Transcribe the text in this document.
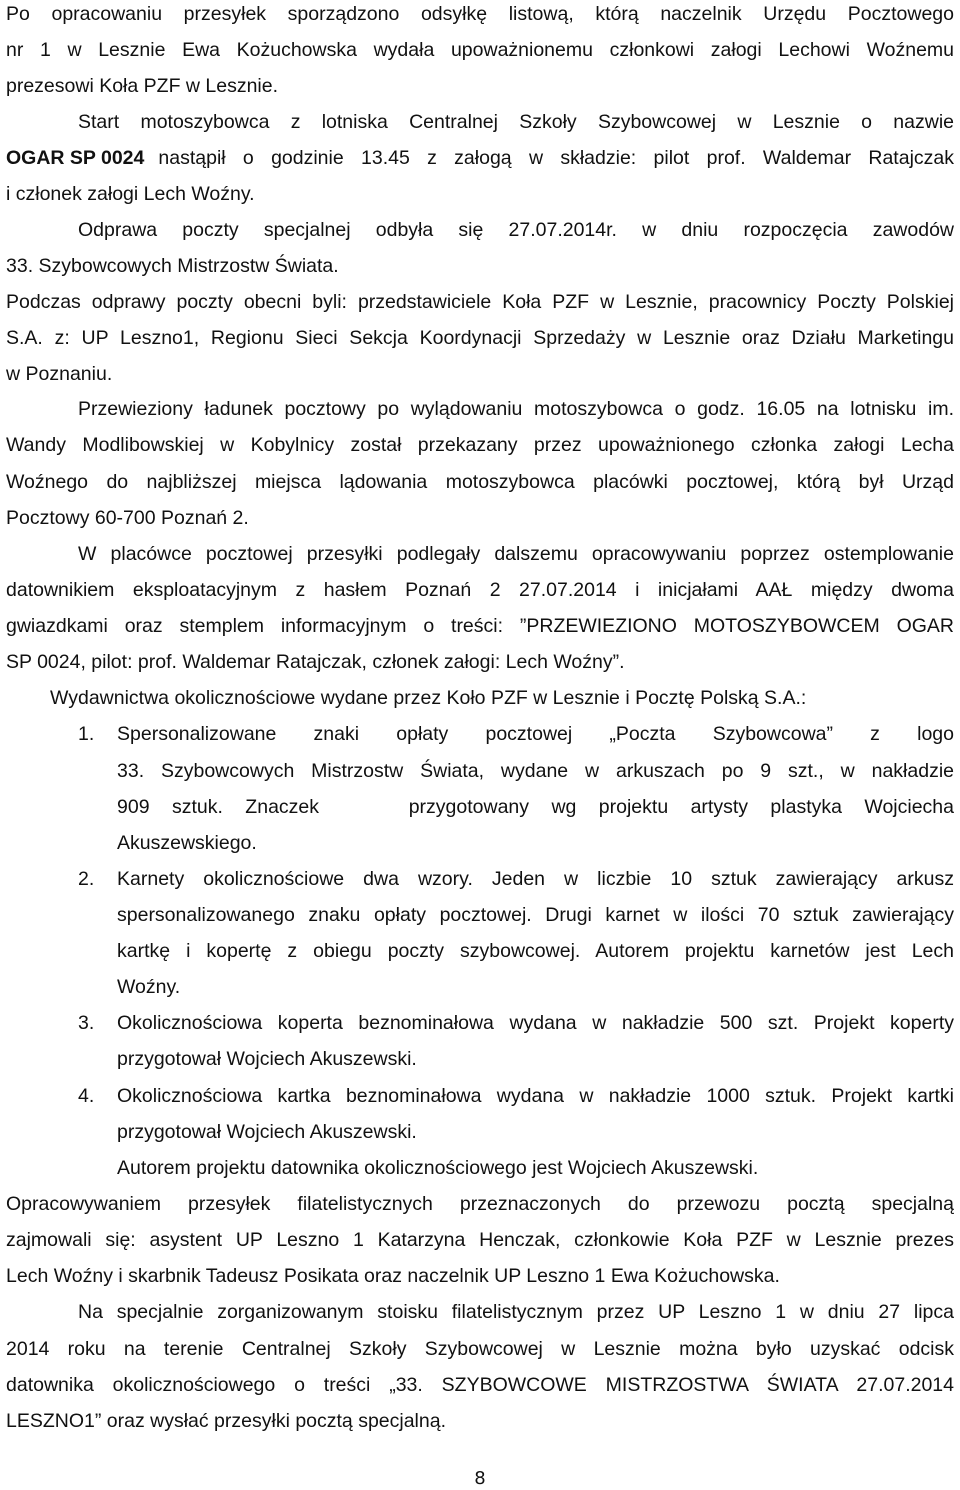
Po opracowaniu przesyłek sporządzono odsyłkę listową, którą naczelnik Urzędu Pocztowego
nr 1 w Lesznie Ewa Kożuchowska wydała upoważnionemu członkowi załogi Lechowi Woźnemu
prezesowi Koła PZF w Lesznie.
Start motoszybowca z lotniska Centralnej Szkoły Szybowcowej w Lesznie o nazwie
OGAR SP 0024 nastąpił o godzinie 13.45 z załogą w składzie: pilot prof. Waldemar Ratajczak
i członek załogi Lech Woźny.
Odprawa poczty specjalnej odbyła się 27.07.2014r. w dniu rozpoczęcia zawodów
33. Szybowcowych Mistrzostw Świata.
Podczas odprawy poczty obecni byli: przedstawiciele Koła PZF w Lesznie, pracownicy Poczty Polskiej
S.A. z: UP Leszno1, Regionu Sieci Sekcja Koordynacji Sprzedaży w Lesznie oraz Działu Marketingu
w Poznaniu.
Przewieziony ładunek pocztowy po wylądowaniu motoszybowca o godz. 16.05 na lotnisku im.
Wandy Modlibowskiej w Kobylnicy został przekazany przez upoważnionego członka załogi Lecha
Woźnego do najbliższej miejsca lądowania motoszybowca placówki pocztowej, którą był Urząd
Pocztowy 60-700 Poznań 2.
W placówce pocztowej przesyłki podlegały dalszemu opracowywaniu poprzez ostemplowanie
datownikiem eksploatacyjnym z hasłem Poznań 2 27.07.2014 i inicjałami AAŁ między dwoma
gwiazdkami oraz stemplem informacyjnym o treści: ”PRZEWIEZIONO MOTOSZYBOWCEM OGAR
SP 0024, pilot: prof. Waldemar Ratajczak, członek załogi: Lech Woźny”.
Wydawnictwa okolicznościowe wydane przez Koło PZF w Lesznie i Pocztę Polską S.A.:
1. Spersonalizowane znaki opłaty pocztowej „Poczta Szybowcowa” z logo
33. Szybowcowych Mistrzostw Świata, wydane w arkuszach po 9 szt., w nakładzie
909 sztuk. Znaczek    przygotowany wg projektu artysty plastyka Wojciecha
Akuszewskiego.
2. Karnety okolicznościowe dwa wzory. Jeden w liczbie 10 sztuk zawierający arkusz
spersonalizowanego znaku opłaty pocztowej. Drugi karnet w ilości 70 sztuk zawierający
kartkę i kopertę z obiegu poczty szybowcowej. Autorem projektu karnetów jest Lech
Woźny.
3. Okolicznościowa koperta beznominałowa wydana w nakładzie 500 szt. Projekt koperty
przygotował Wojciech Akuszewski.
4. Okolicznościowa kartka beznominałowa wydana w nakładzie 1000 sztuk. Projekt kartki
przygotował Wojciech Akuszewski.
Autorem projektu datownika okolicznościowego jest Wojciech Akuszewski.
Opracowywaniem przesyłek filatelistycznych przeznaczonych do przewozu pocztą specjalną
zajmowali się: asystent UP Leszno 1 Katarzyna Henczak, członkowie Koła PZF w Lesznie prezes
Lech Woźny i skarbnik Tadeusz Posikata oraz naczelnik UP Leszno 1 Ewa Kożuchowska.
Na specjalnie zorganizowanym stoisku filatelistycznym przez UP Leszno 1 w dniu 27 lipca
2014 roku na terenie Centralnej Szkoły Szybowcowej w Lesznie można było uzyskać odcisk
datownika okolicznościowego o treści „33. SZYBOWCOWE MISTRZOSTWA ŚWIATA 27.07.2014
LESZNO1” oraz wysłać przesyłki pocztą specjalną.
8
